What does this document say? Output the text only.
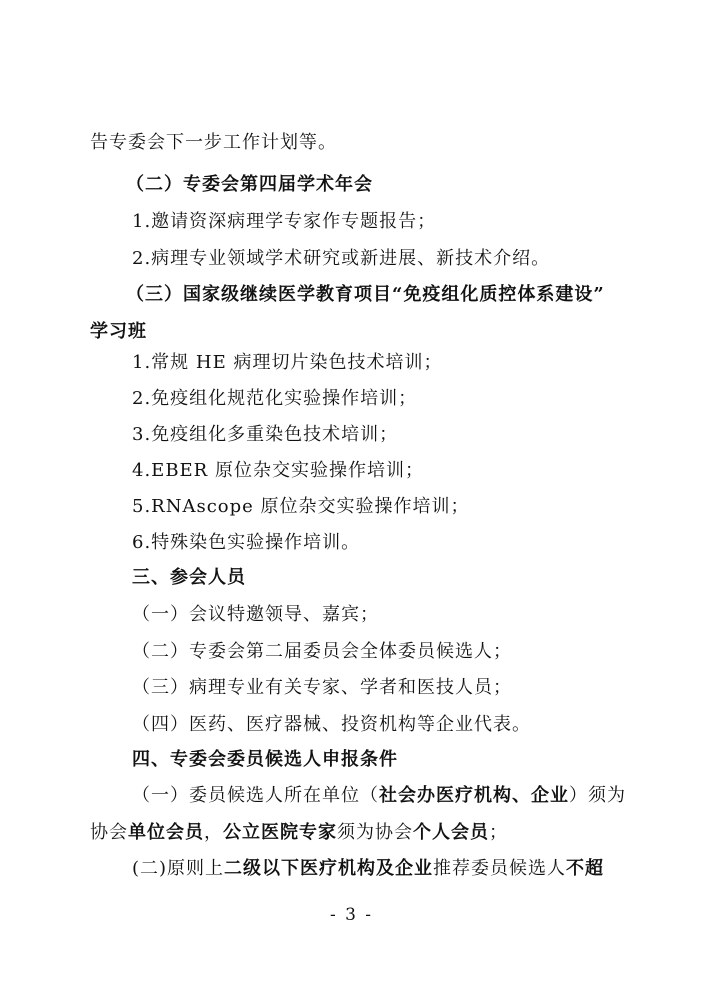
告专委会下一步工作计划等。
（二）专委会第四届学术年会
1.邀请资深病理学专家作专题报告；
2.病理专业领域学术研究或新进展、新技术介绍。
（三）国家级继续医学教育项目“免疫组化质控体系建设”
学习班
1.常规 HE 病理切片染色技术培训；
2.免疫组化规范化实验操作培训；
3.免疫组化多重染色技术培训；
4.EBER 原位杂交实验操作培训；
5.RNAscope 原位杂交实验操作培训；
6.特殊染色实验操作培训。
三、参会人员
（一）会议特邀领导、嘉宾；
（二）专委会第二届委员会全体委员候选人；
（三）病理专业有关专家、学者和医技人员；
（四）医药、医疗器械、投资机构等企业代表。
四、专委会委员候选人申报条件
（一）委员候选人所在单位（社会办医疗机构、企业）须为
协会单位会员，公立医院专家须为协会个人会员；
(二)原则上二级以下医疗机构及企业推荐委员候选人不超
- 3 -
